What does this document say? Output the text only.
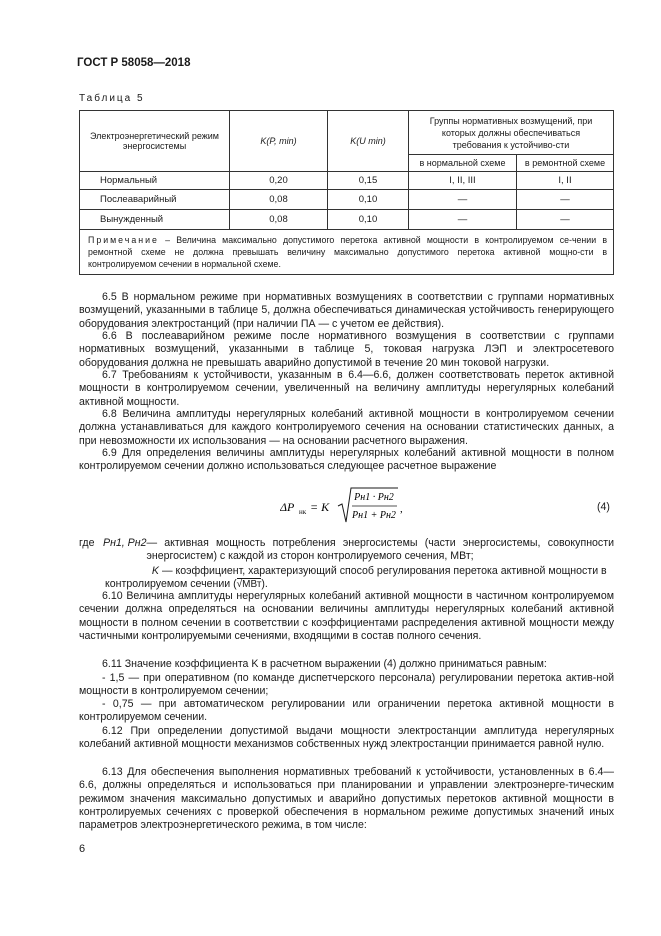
ГОСТ Р 58058—2018
Таблица 5
Электроэнергетический режим энергосистемы	K(P, min)	K(U min)	Группы нормативных возмущений, при которых должны обеспечиваться требования к устойчиво-сти	
			в нормальной схеме	в ремонтной схеме
Нормальный	0,20	0,15	I, II, III	I, II
Послеаварийный	0,08	0,10	—	—
Вынужденный	0,08	0,10	—	—
Примечание – Величина максимально допустимого перетока активной мощности в контролируемом се-чении в ремонтной схеме не должна превышать величину максимально допустимого перетока активной мощно-сти в контролируемом сечении в нормальной схеме.				
6.5 В нормальном режиме при нормативных возмущениях в соответствии с группами нормативных возмущений, указанными в таблице 5, должна обеспечиваться динамическая устойчивость генерирующего оборудования электростанций (при наличии ПА — с учетом ее действия).
6.6 В послеаварийном режиме после нормативного возмущения в соответствии с группами нормативных возмущений, указанными в таблице 5, токовая нагрузка ЛЭП и электросетевого оборудования должна не превышать аварийно допустимой в течение 20 мин токовой нагрузки.
6.7 Требованиям к устойчивости, указанным в 6.4—6.6, должен соответствовать переток активной мощности в контролируемом сечении, увеличенный на величину амплитуды нерегулярных колебаний активной мощности.
6.8 Величина амплитуды нерегулярных колебаний активной мощности в контролируемом сечении должна устанавливаться для каждого контролируемого сечения на основании статистических данных, а при невозможности их использования — на основании расчетного выражения.
6.9 Для определения величины амплитуды нерегулярных колебаний активной мощности в полном контролируемом сечении должно использоваться следующее расчетное выражение
ΔP нк = K
Pн1 · Pн2
Pн1 + Pн2
,	(4)
где Pн1, Pн2 — активная мощность потребления энергосистемы (части энергосистемы, совокупности энергосистем) с каждой из сторон контролируемого сечения, МВт;
K — коэффициент, характеризующий способ регулирования перетока активной мощности в контролируемом сечении (√МВт).
6.10 Величина амплитуды нерегулярных колебаний активной мощности в частичном контролируемом сечении должна определяться на основании величины амплитуды нерегулярных колебаний активной мощности в полном сечении в соответствии с коэффициентами распределения активной мощности между частичными контролируемыми сечениями, входящими в состав полного сечения.
6.11 Значение коэффициента K в расчетном выражении (4) должно приниматься равным:
- 1,5 — при оперативном (по команде диспетчерского персонала) регулировании перетока актив-ной мощности в контролируемом сечении;
- 0,75 — при автоматическом регулировании или ограничении перетока активной мощности в контролируемом сечении.
6.12 При определении допустимой выдачи мощности электростанции амплитуда нерегулярных колебаний активной мощности механизмов собственных нужд электростанции принимается равной нулю.
6.13 Для обеспечения выполнения нормативных требований к устойчивости, установленных в 6.4—6.6, должны определяться и использоваться при планировании и управлении электроэнерге-тическим режимом значения максимально допустимых и аварийно допустимых перетоков активной мощности в контролируемых сечениях с проверкой обеспечения в нормальном режиме допустимых значений иных параметров электроэнергетического режима, в том числе:
6
